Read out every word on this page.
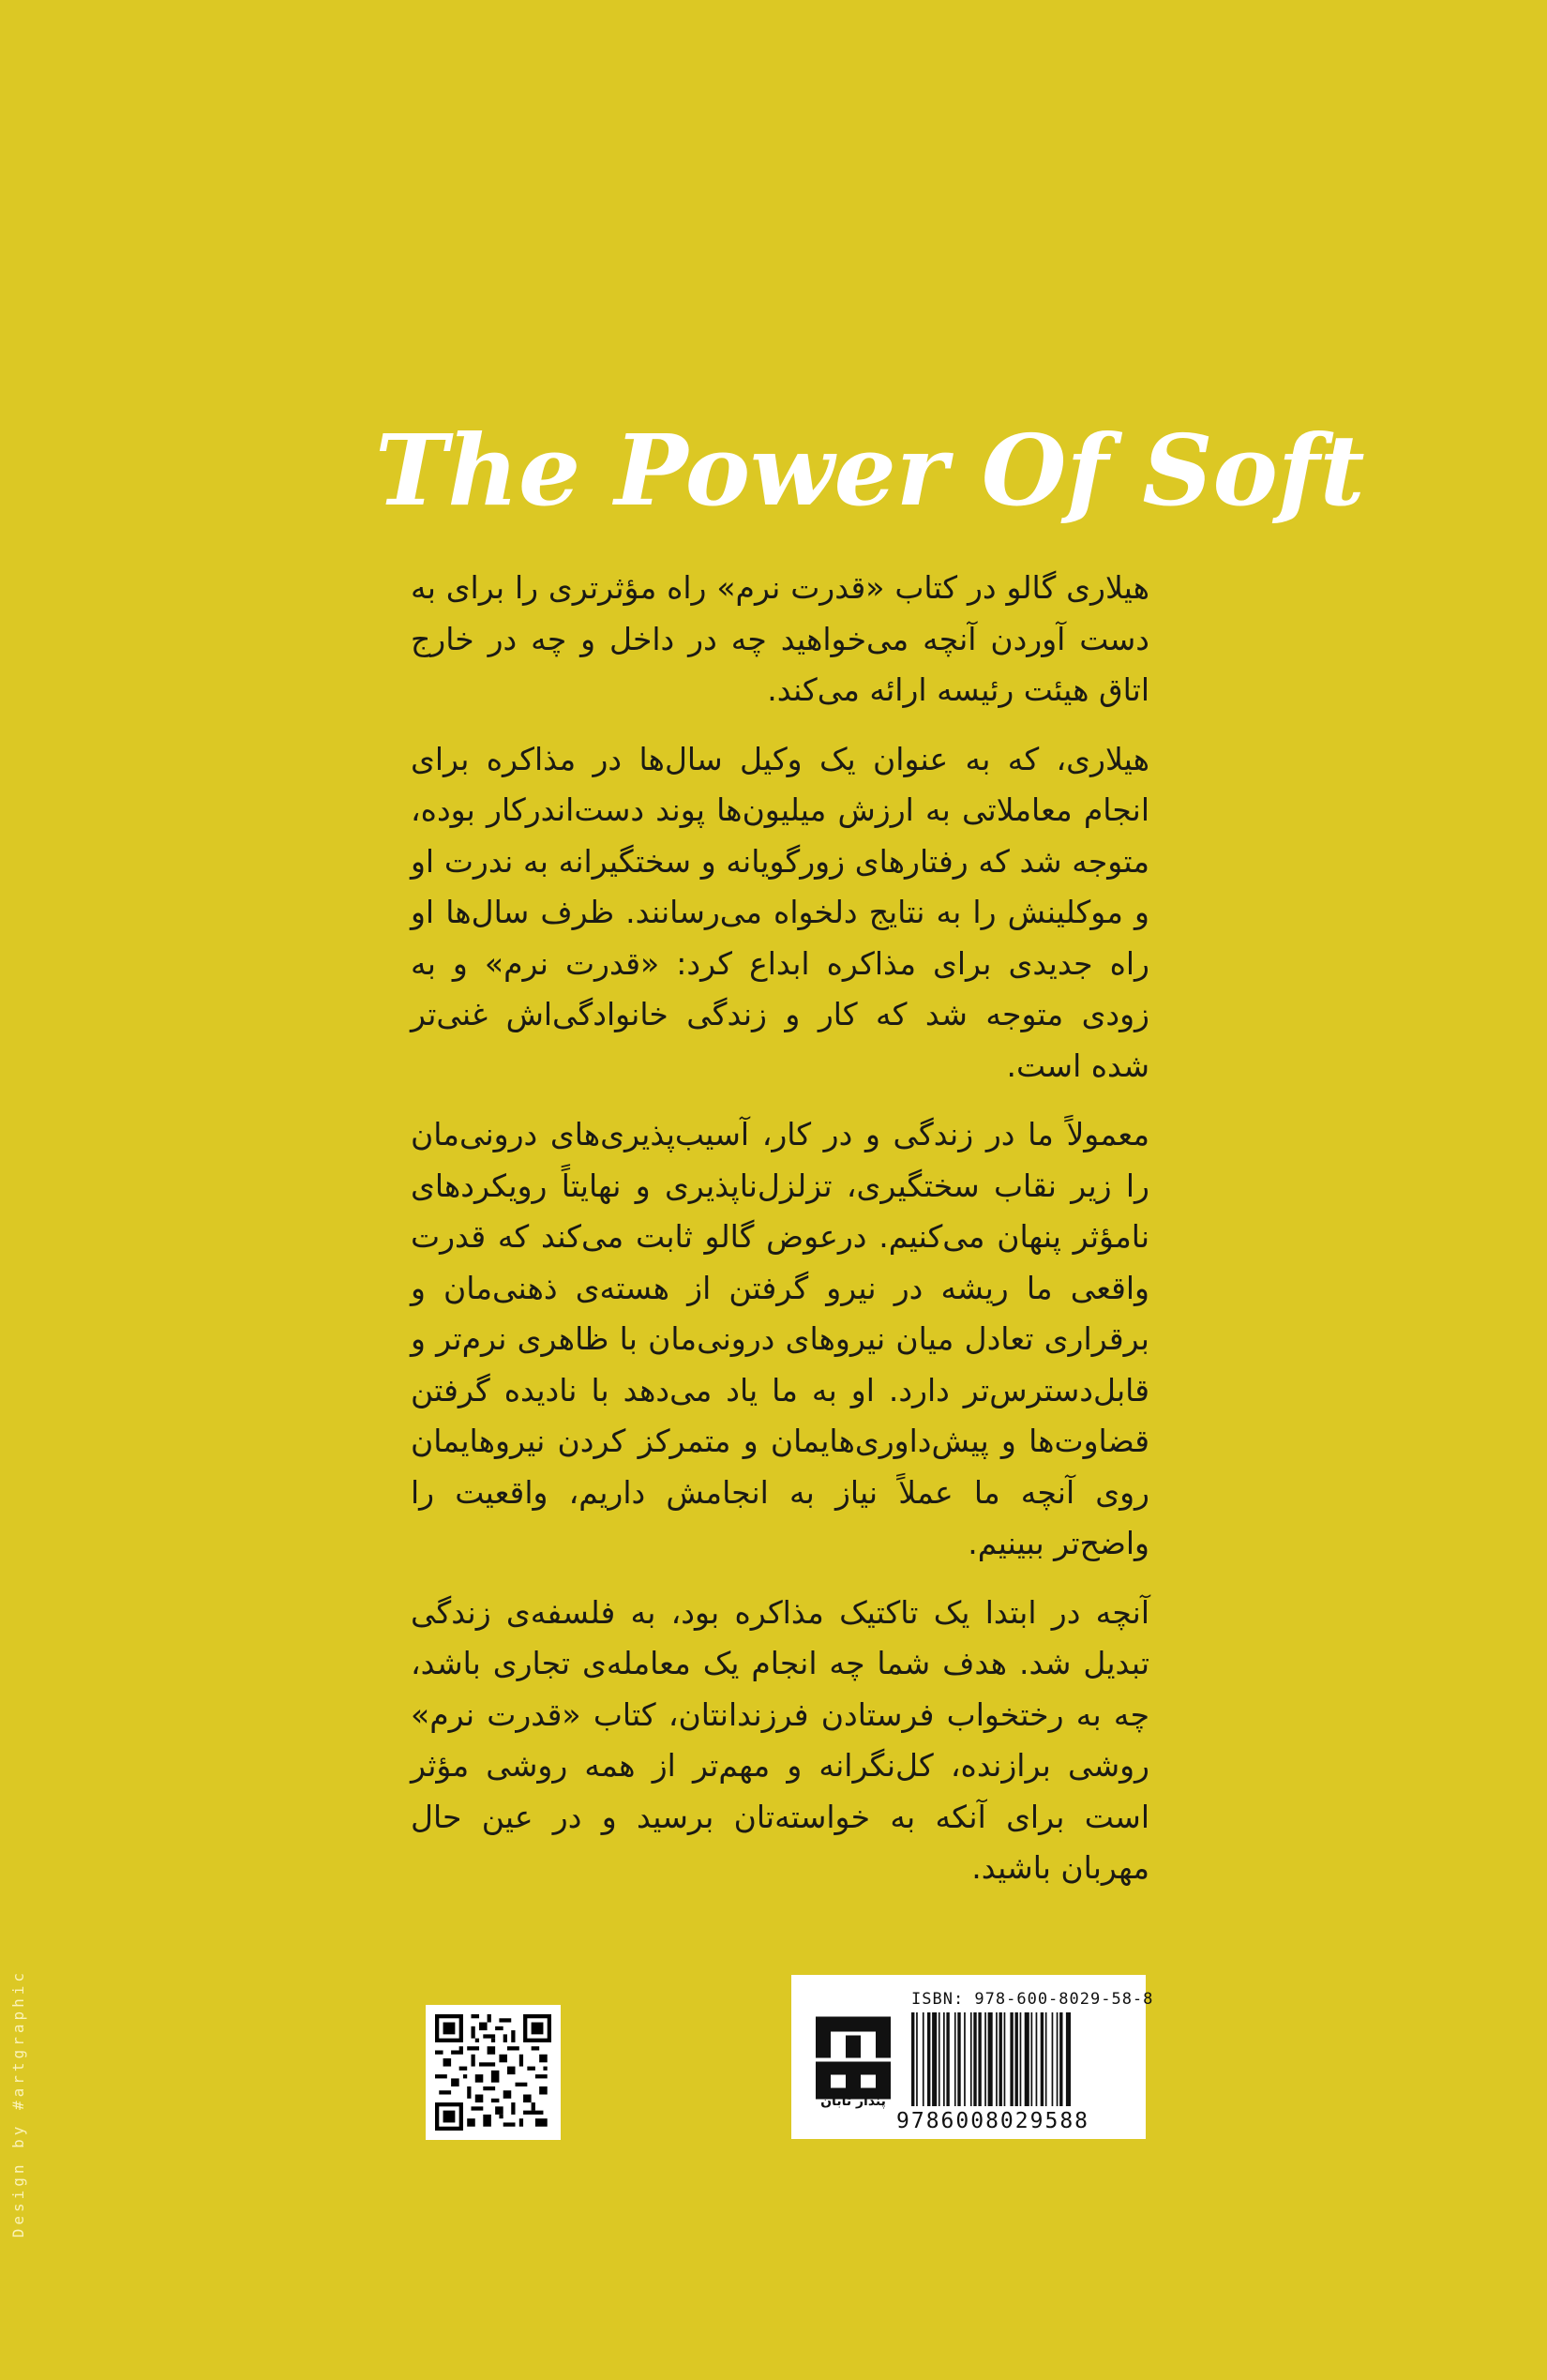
The Power Of Soft

هیلاری گالو در کتاب «قدرت نرم» راه مؤثرتری را برای به دست آوردن آنچه می‌خواهید چه در داخل و چه در خارج اتاق هیئت رئیسه ارائه می‌کند.

هیلاری، که به عنوان یک وکیل سال‌ها در مذاکره برای انجام معاملاتی به ارزش میلیون‌ها پوند دست‌اندرکار بوده، متوجه شد که رفتارهای زورگویانه و سختگیرانه به ندرت او و موکلینش را به نتایج دلخواه می‌رسانند. ظرف سال‌ها او راه جدیدی برای مذاکره ابداع کرد: «قدرت نرم» و به زودی متوجه شد که کار و زندگی خانوادگی‌اش غنی‌تر شده است.

معمولاً ما در زندگی و در کار، آسیب‌پذیری‌های درونی‌مان را زیر نقاب سختگیری، تزلزل‌ناپذیری و نهایتاً رویکردهای نامؤثر پنهان می‌کنیم. درعوض گالو ثابت می‌کند که قدرت واقعی ما ریشه در نیرو گرفتن از هسته‌ی ذهنی‌مان و برقراری تعادل میان نیروهای درونی‌مان با ظاهری نرم‌تر و قابل‌دسترس‌تر دارد. او به ما یاد می‌دهد با نادیده گرفتن قضاوت‌ها و پیش‌داوری‌هایمان و متمرکز کردن نیروهایمان روی آنچه ما عملاً نیاز به انجامش داریم، واقعیت را واضح‌تر ببینیم.

آنچه در ابتدا یک تاکتیک مذاکره بود، به فلسفه‌ی زندگی تبدیل شد. هدف شما چه انجام یک معامله‌ی تجاری باشد، چه به رختخواب فرستادن فرزندانتان، کتاب «قدرت نرم» روشی برازنده، کل‌نگرانه و مهم‌تر از همه روشی مؤثر است برای آنکه به خواسته‌تان برسید و در عین حال مهربان باشید.

Design by #artgraphic	پندار تابان
ISBN: 978-600-8029-58-8
9786008029588
